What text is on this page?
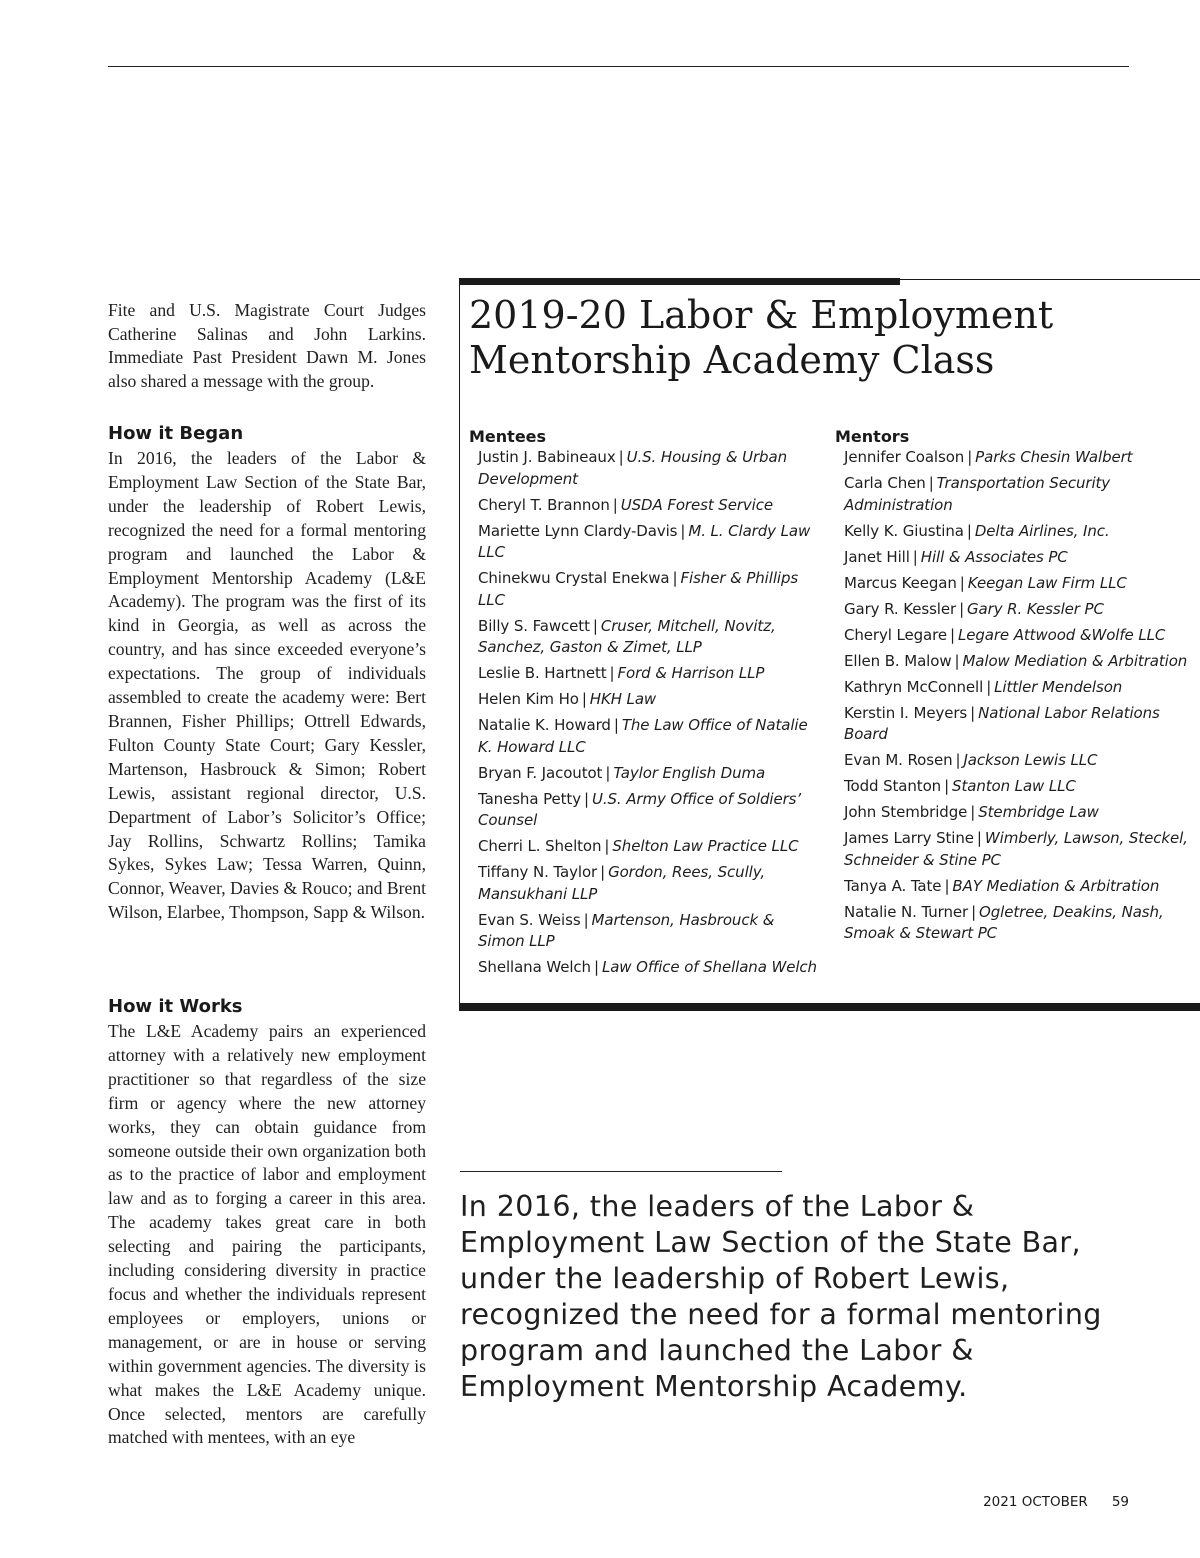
Fite and U.S. Magistrate Court Judges Catherine Salinas and John Larkins. Immediate Past President Dawn M. Jones also shared a message with the group.

How it Began

In 2016, the leaders of the Labor & Employment Law Section of the State Bar, under the leadership of Robert Lewis, recognized the need for a formal mentoring program and launched the Labor & Employment Mentorship Academy (L&E Academy). The program was the first of its kind in Georgia, as well as across the country, and has since exceeded everyone’s expectations. The group of individuals assembled to create the academy were: Bert Brannen, Fisher Phillips; Ottrell Edwards, Fulton County State Court; Gary Kessler, Martenson, Hasbrouck & Simon; Robert Lewis, assistant regional director, U.S. Department of Labor’s Solicitor’s Office; Jay Rollins, Schwartz Rollins; Tamika Sykes, Sykes Law; Tessa Warren, Quinn, Connor, Weaver, Davies & Rouco; and Brent Wilson, Elarbee, Thompson, Sapp & Wilson.

How it Works

The L&E Academy pairs an experienced attorney with a relatively new employment practitioner so that regardless of the size firm or agency where the new attorney works, they can obtain guidance from someone outside their own organization both as to the practice of labor and employment law and as to forging a career in this area. The academy takes great care in both selecting and pairing the participants, including considering diversity in practice focus and whether the individuals represent employees or employers, unions or management, or are in house or serving within government agencies. The diversity is what makes the L&E Academy unique. Once selected, mentors are carefully matched with mentees, with an eye

2019-20 Labor & Employment
Mentorship Academy Class
Mentees
Justin J. Babineaux | U.S. Housing & Urban Development
Cheryl T. Brannon | USDA Forest Service
Mariette Lynn Clardy-Davis | M. L. Clardy Law LLC
Chinekwu Crystal Enekwa | Fisher & Phillips LLC
Billy S. Fawcett | Cruser, Mitchell, Novitz, Sanchez, Gaston & Zimet, LLP
Leslie B. Hartnett | Ford & Harrison LLP
Helen Kim Ho | HKH Law
Natalie K. Howard | The Law Office of Natalie K. Howard LLC
Bryan F. Jacoutot | Taylor English Duma
Tanesha Petty | U.S. Army Office of Soldiers’ Counsel
Cherri L. Shelton | Shelton Law Practice LLC
Tiffany N. Taylor | Gordon, Rees, Scully, Mansukhani LLP
Evan S. Weiss | Martenson, Hasbrouck & Simon LLP
Shellana Welch | Law Office of Shellana Welch
Mentors
Jennifer Coalson | Parks Chesin Walbert
Carla Chen | Transportation Security Administration
Kelly K. Giustina | Delta Airlines, Inc.
Janet Hill | Hill & Associates PC
Marcus Keegan | Keegan Law Firm LLC
Gary R. Kessler | Gary R. Kessler PC
Cheryl Legare | Legare Attwood &Wolfe LLC
Ellen B. Malow | Malow Mediation & Arbitration
Kathryn McConnell | Littler Mendelson
Kerstin I. Meyers | National Labor Relations Board
Evan M. Rosen | Jackson Lewis LLC
Todd Stanton | Stanton Law LLC
John Stembridge | Stembridge Law
James Larry Stine | Wimberly, Lawson, Steckel, Schneider & Stine PC
Tanya A. Tate | BAY Mediation & Arbitration
Natalie N. Turner | Ogletree, Deakins, Nash, Smoak & Stewart PC

In 2016, the leaders of the Labor & Employment Law Section of the State Bar, under the leadership of Robert Lewis, recognized the need for a formal mentoring program and launched the Labor & Employment Mentorship Academy.

2021 OCTOBER 59
